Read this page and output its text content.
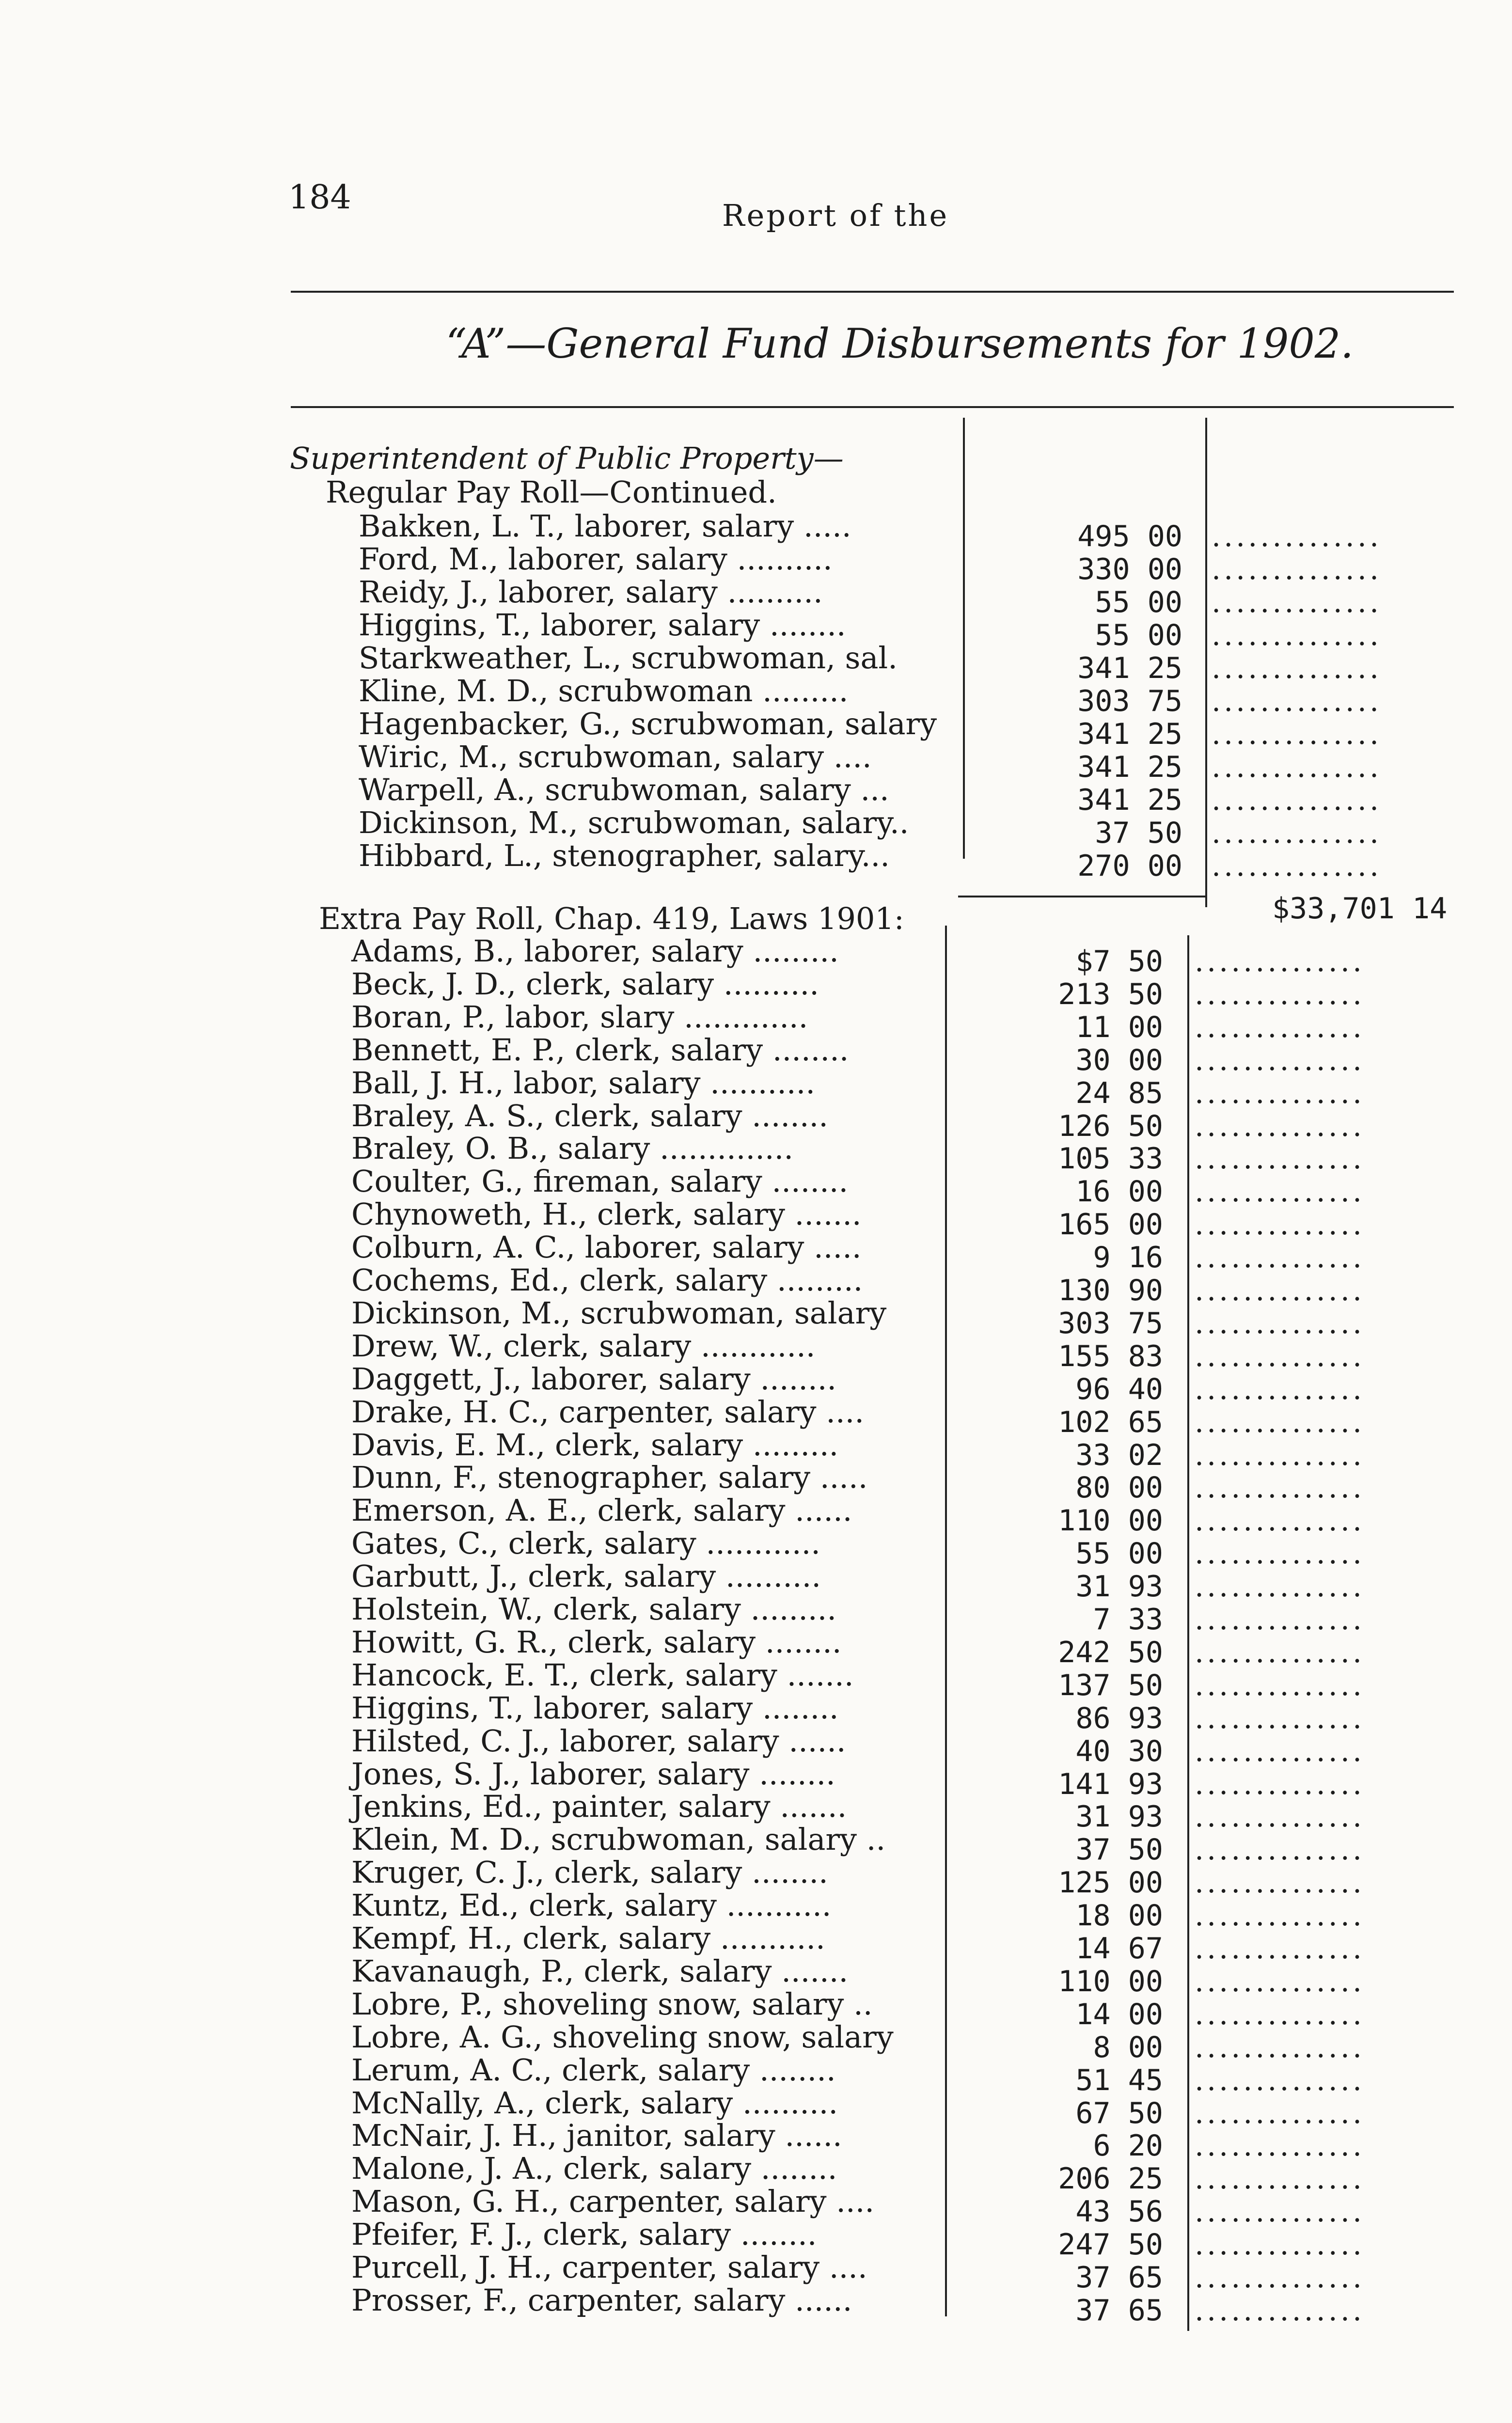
184	Report of the
“A”—General Fund Disbursements for 1902.
Superintendent of Public Property—
Regular Pay Roll—Continued.
Bakken, L. T., laborer, salary .....	495 00 ..............
Ford, M., laborer, salary ..........	330 00 ..............
Reidy, J., laborer, salary ..........	55 00 ..............
Higgins, T., laborer, salary ........	55 00 ..............
Starkweather, L., scrubwoman, sal.	341 25 ..............
Kline, M. D., scrubwoman .........	303 75 ..............
Hagenbacker, G., scrubwoman, salary	341 25 ..............
Wiric, M., scrubwoman, salary ....	341 25 ..............
Warpell, A., scrubwoman, salary ...	341 25 ..............
Dickinson, M., scrubwoman, salary..	37 50 ..............
Hibbard, L., stenographer, salary...	270 00 ..............
Extra Pay Roll, Chap. 419, Laws 1901:	$33,701 14
Adams, B., laborer, salary .........	$7 50 ..............
Beck, J. D., clerk, salary ..........	213 50 ..............
Boran, P., labor, slary .............	11 00 ..............
Bennett, E. P., clerk, salary ........	30 00 ..............
Ball, J. H., labor, salary ...........	24 85 ..............
Braley, A. S., clerk, salary ........	126 50 ..............
Braley, O. B., salary ..............	105 33 ..............
Coulter, G., fireman, salary ........	16 00 ..............
Chynoweth, H., clerk, salary .......	165 00 ..............
Colburn, A. C., laborer, salary .....	9 16 ..............
Cochems, Ed., clerk, salary .........	130 90 ..............
Dickinson, M., scrubwoman, salary	303 75 ..............
Drew, W., clerk, salary ............	155 83 ..............
Daggett, J., laborer, salary ........	96 40 ..............
Drake, H. C., carpenter, salary ....	102 65 ..............
Davis, E. M., clerk, salary .........	33 02 ..............
Dunn, F., stenographer, salary .....	80 00 ..............
Emerson, A. E., clerk, salary ......	110 00 ..............
Gates, C., clerk, salary ............	55 00 ..............
Garbutt, J., clerk, salary ..........	31 93 ..............
Holstein, W., clerk, salary .........	7 33 ..............
Howitt, G. R., clerk, salary ........	242 50 ..............
Hancock, E. T., clerk, salary .......	137 50 ..............
Higgins, T., laborer, salary ........	86 93 ..............
Hilsted, C. J., laborer, salary ......	40 30 ..............
Jones, S. J., laborer, salary ........	141 93 ..............
Jenkins, Ed., painter, salary .......	31 93 ..............
Klein, M. D., scrubwoman, salary ..	37 50 ..............
Kruger, C. J., clerk, salary ........	125 00 ..............
Kuntz, Ed., clerk, salary ...........	18 00 ..............
Kempf, H., clerk, salary ...........	14 67 ..............
Kavanaugh, P., clerk, salary .......	110 00 ..............
Lobre, P., shoveling snow, salary ..	14 00 ..............
Lobre, A. G., shoveling snow, salary	8 00 ..............
Lerum, A. C., clerk, salary ........	51 45 ..............
McNally, A., clerk, salary ..........	67 50 ..............
McNair, J. H., janitor, salary ......	6 20 ..............
Malone, J. A., clerk, salary ........	206 25 ..............
Mason, G. H., carpenter, salary ....	43 56 ..............
Pfeifer, F. J., clerk, salary ........	247 50 ..............
Purcell, J. H., carpenter, salary ....	37 65 ..............
Prosser, F., carpenter, salary ......	37 65 ..............
